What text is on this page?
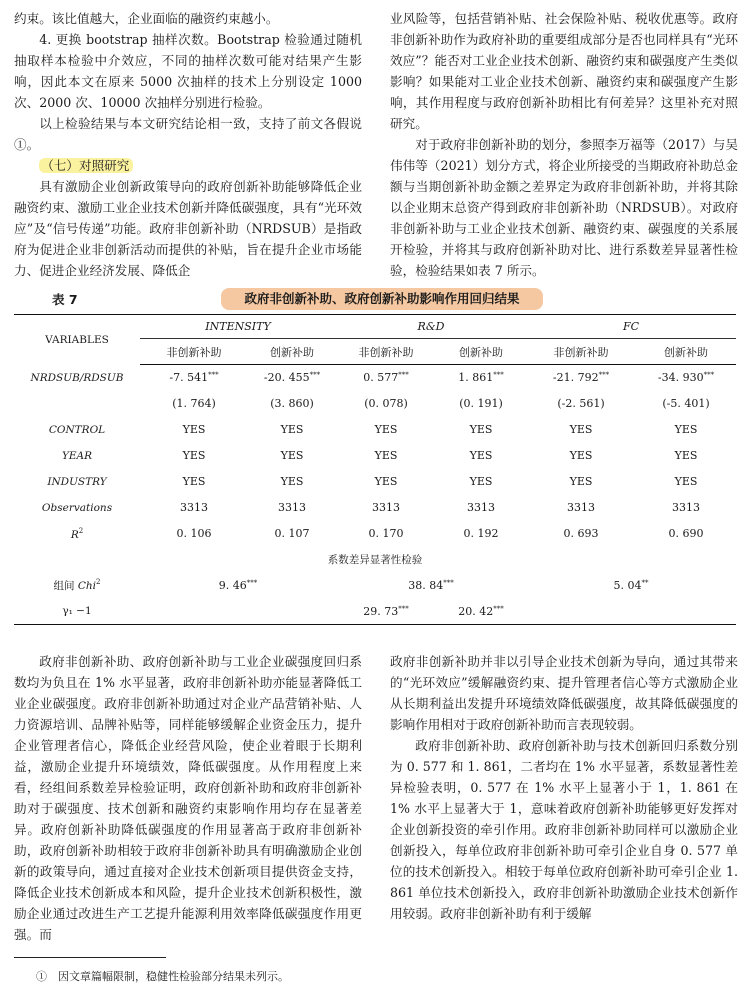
约束。该比值越大，企业面临的融资约束越小。

4. 更换 bootstrap 抽样次数。Bootstrap 检验通过随机抽取样本检验中介效应，不同的抽样次数可能对结果产生影响，因此本文在原来 5000 次抽样的技术上分别设定 1000 次、2000 次、10000 次抽样分别进行检验。

以上检验结果与本文研究结论相一致，支持了前文各假说①。

（七）对照研究

具有激励企业创新政策导向的政府创新补助能够降低企业融资约束、激励工业企业技术创新并降低碳强度，具有“光环效应”及“信号传递”功能。政府非创新补助（NRDSUB）是指政府为促进企业非创新活动而提供的补贴，旨在提升企业市场能力、促进企业经济发展、降低企

业风险等，包括营销补贴、社会保险补贴、税收优惠等。政府非创新补助作为政府补助的重要组成部分是否也同样具有“光环效应”？能否对工业企业技术创新、融资约束和碳强度产生类似影响？如果能对工业企业技术创新、融资约束和碳强度产生影响，其作用程度与政府创新补助相比有何差异？这里补充对照研究。

对于政府非创新补助的划分，参照李万福等（2017）与吴伟伟等（2021）划分方式，将企业所接受的当期政府补助总金额与当期创新补助金额之差界定为政府非创新补助，并将其除以企业期末总资产得到政府非创新补助（NRDSUB）。对政府非创新补助与工业企业技术创新、融资约束、碳强度的关系展开检验，并将其与政府创新补助对比、进行系数差异显著性检验，检验结果如表 7 所示。

表 7	政府非创新补助、政府创新补助影响作用回归结果
VARIABLES	INTENSITY		R&D		FC	
	非创新补助	创新补助	非创新补助	创新补助	非创新补助	创新补助
NRDSUB/RDSUB	-7. 541***	-20. 455***	0. 577***	1. 861***	-21. 792***	-34. 930***
	(1. 764)	(3. 860)	(0. 078)	(0. 191)	(-2. 561)	(-5. 401)
CONTROL	YES	YES	YES	YES	YES	YES
YEAR	YES	YES	YES	YES	YES	YES
INDUSTRY	YES	YES	YES	YES	YES	YES
Observations	3313	3313	3313	3313	3313	3313
$R^2$	0. 106	0. 107	0. 170	0. 192	0. 693	0. 690
系数差异显著性检验						
组间 Chi$^2$	9. 46***		38. 84***		5. 04**
γ₁ −1			29. 73***	20. 42***		

政府非创新补助、政府创新补助与工业企业碳强度回归系数均为负且在 1% 水平显著，政府非创新补助亦能显著降低工业企业碳强度。政府非创新补助通过对企业产品营销补贴、人力资源培训、品牌补贴等，同样能够缓解企业资金压力，提升企业管理者信心，降低企业经营风险，使企业着眼于长期利益，激励企业提升环境绩效，降低碳强度。从作用程度上来看，经组间系数差异检验证明，政府创新补助和政府非创新补助对于碳强度、技术创新和融资约束影响作用均存在显著差异。政府创新补助降低碳强度的作用显著高于政府非创新补助，政府创新补助相较于政府非创新补助具有明确激励企业创新的政策导向，通过直接对企业技术创新项目提供资金支持，降低企业技术创新成本和风险，提升企业技术创新积极性，激励企业通过改进生产工艺提升能源利用效率降低碳强度作用更强。而

政府非创新补助并非以引导企业技术创新为导向，通过其带来的“光环效应”缓解融资约束、提升管理者信心等方式激励企业从长期利益出发提升环境绩效降低碳强度，故其降低碳强度的影响作用相对于政府创新补助而言表现较弱。

政府非创新补助、政府创新补助与技术创新回归系数分别为 0. 577 和 1. 861，二者均在 1% 水平显著，系数显著性差异检验表明，0. 577 在 1% 水平上显著小于 1，1. 861 在 1% 水平上显著大于 1，意味着政府创新补助能够更好发挥对企业创新投资的牵引作用。政府非创新补助同样可以激励企业创新投入，每单位政府非创新补助可牵引企业自身 0. 577 单位的技术创新投入。相较于每单位政府创新补助可牵引企业 1. 861 单位技术创新投入，政府非创新补助激励企业技术创新作用较弱。政府非创新补助有利于缓解

①　因文章篇幅限制，稳健性检验部分结果未列示。
